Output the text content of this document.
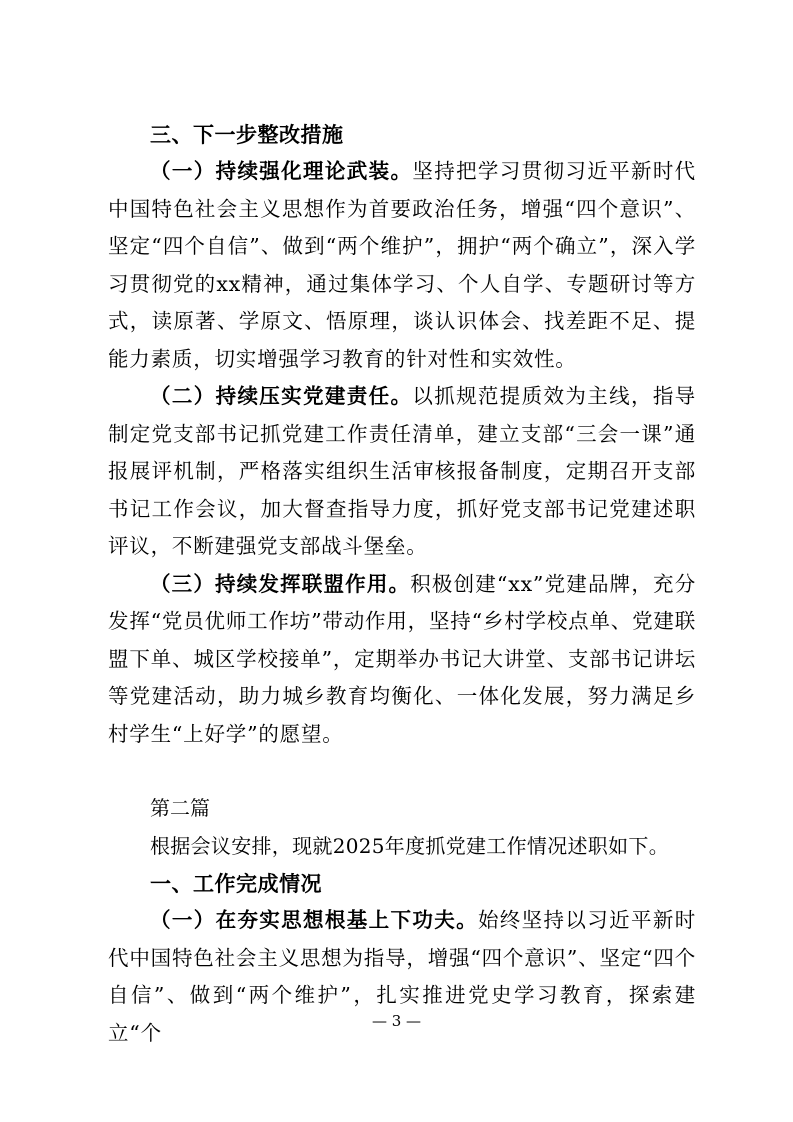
三、下一步整改措施

（一）持续强化理论武装。坚持把学习贯彻习近平新时代中国特色社会主义思想作为首要政治任务，增强“四个意识”、坚定“四个自信”、做到“两个维护”，拥护“两个确立”，深入学习贯彻党的xx精神，通过集体学习、个人自学、专题研讨等方式，读原著、学原文、悟原理，谈认识体会、找差距不足、提能力素质，切实增强学习教育的针对性和实效性。

（二）持续压实党建责任。以抓规范提质效为主线，指导制定党支部书记抓党建工作责任清单，建立支部“三会一课”通报展评机制，严格落实组织生活审核报备制度，定期召开支部书记工作会议，加大督查指导力度，抓好党支部书记党建述职评议，不断建强党支部战斗堡垒。

（三）持续发挥联盟作用。积极创建“xx”党建品牌，充分发挥“党员优师工作坊”带动作用，坚持“乡村学校点单、党建联盟下单、城区学校接单”，定期举办书记大讲堂、支部书记讲坛等党建活动，助力城乡教育均衡化、一体化发展，努力满足乡村学生“上好学”的愿望。

第二篇

根据会议安排，现就2025年度抓党建工作情况述职如下。

一、工作完成情况

（一）在夯实思想根基上下功夫。始终坚持以习近平新时代中国特色社会主义思想为指导，增强“四个意识”、坚定“四个自信”、做到“两个维护”，扎实推进党史学习教育，探索建立“个	— 3 —
